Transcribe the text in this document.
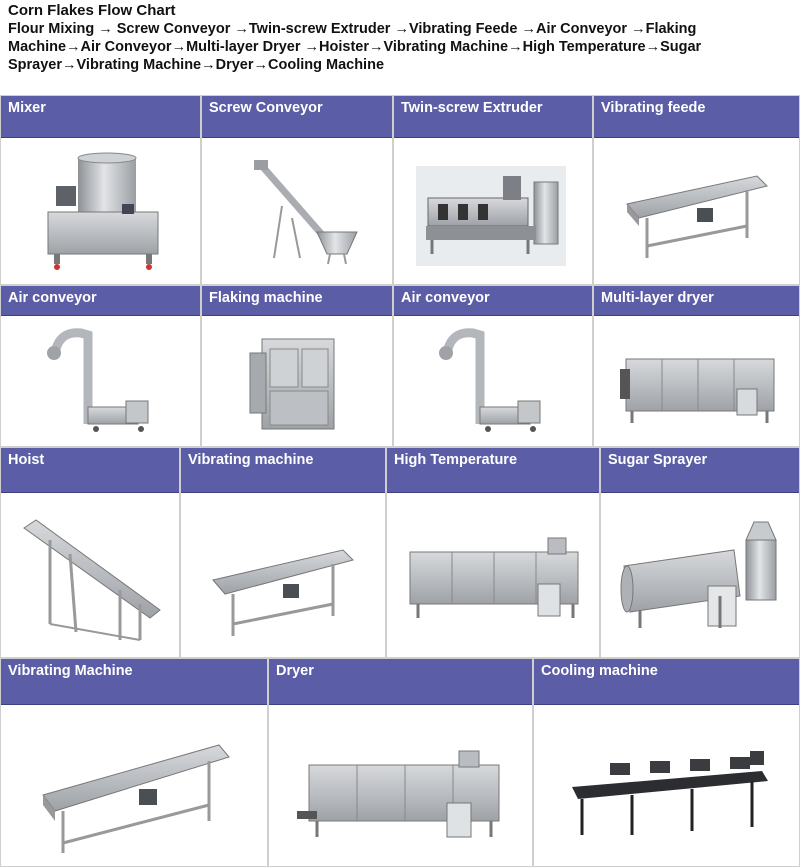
Corn Flakes Flow Chart
Flour Mixing → Screw Conveyor →Twin-screw Extruder →Vibrating Feede →Air Conveyor →Flaking
Machine→Air Conveyor→Multi-layer Dryer →Hoister→Vibrating Machine→High Temperature→Sugar
Sprayer→Vibrating Machine→Dryer→Cooling Machine
Mixer	Screw Conveyor	Twin-screw Extruder	Vibrating feede
Air conveyor	Flaking machine	Air conveyor	Multi-layer dryer
Hoist	Vibrating machine	High Temperature	Sugar Sprayer
Vibrating Machine	Dryer	Cooling machine
